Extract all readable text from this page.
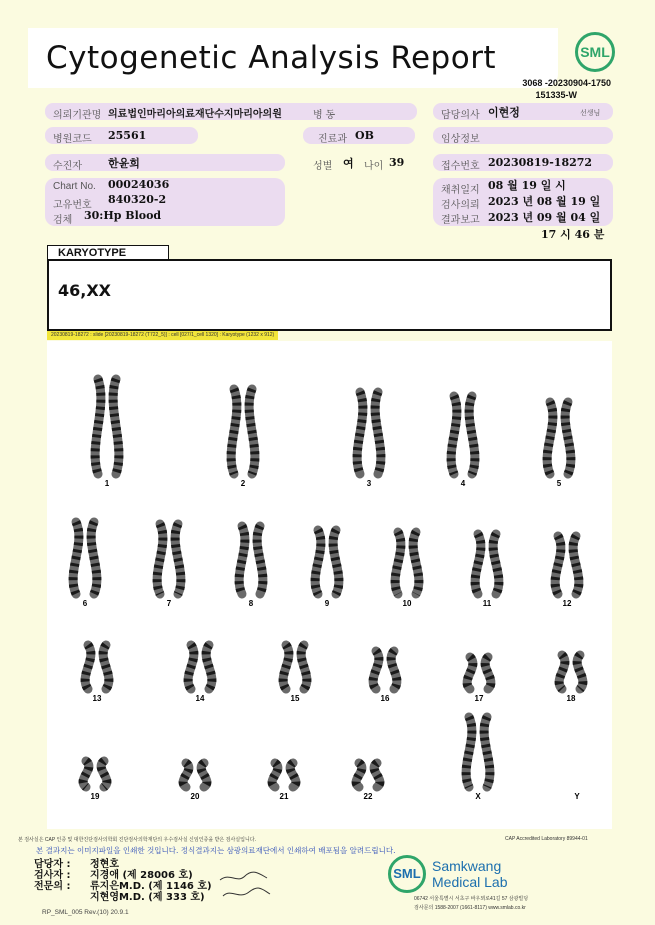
Cytogenetic Analysis Report	SML
3068 -20230904-1750
151335-W
의뢰기관명 의료법인마리아의료재단수지마리아의원	병 동	담당의사 이현정	선생님
병원코드 25561	진료과 OB	임상정보
수진자 한윤희	성별 여 나이 39	접수번호 20230819-18272
Chart No. 00024036
고유번호 840320-2
검체 30:Hp Blood
채취일지 08 월 19 일 시
검사의뢰 2023 년 08 월 19 일
결과보고 2023 년 09 월 04 일
17 시 46 분
KARYOTYPE
46,XX
20230819-18272 : slide [20230819-18272 (T722_5)] : cell [027/1_cell 1320] : Karyotype (1232 x 912)
1	2	3	4	5
6	7	8	9	10	11	12
13	14	15	16	17	18
19	20	21	22	X	Y
본 검사실은 CAP 인증 및 대한진단검사의학회 진단검사의학재단의 우수검사실 신임인증을 받은 검사실입니다.	CAP Accredited Laboratory 89944-01
본 결과지는 이미지파일을 인쇄한 것입니다. 정식결과지는 삼광의료재단에서 인쇄하여 배포됨을 알려드립니다.
담당자 : 정현호
검사자 : 지경애 (제 28006 호)
전문의 : 류지은M.D. (제 1146 호)
지현영M.D. (제 333 호)
SML Samkwang
Medical Lab
06742 서울특별시 서초구 바우뫼로41길 57 삼광빌딩
검사문의 1588-2007 (1661-8117) www.smlab.co.kr
RP_SML_005 Rev.(10) 20.9.1
